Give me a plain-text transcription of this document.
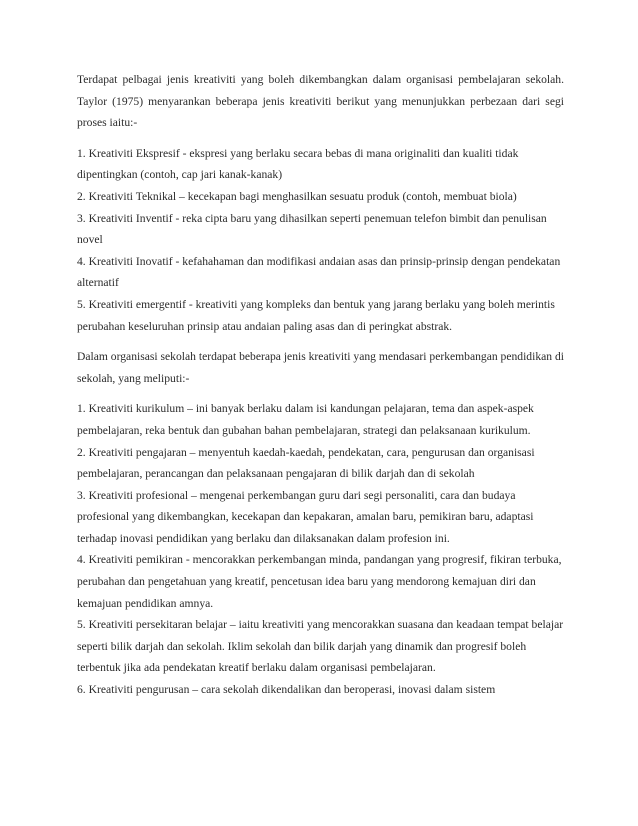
Terdapat pelbagai jenis kreativiti yang boleh dikembangkan dalam organisasi pembelajaran sekolah. Taylor (1975) menyarankan beberapa jenis kreativiti berikut yang menunjukkan perbezaan dari segi proses iaitu:-

1. Kreativiti Ekspresif - ekspresi yang berlaku secara bebas di mana originaliti dan kualiti tidak dipentingkan (contoh, cap jari kanak-kanak)
2. Kreativiti Teknikal – kecekapan bagi menghasilkan sesuatu produk (contoh, membuat biola)
3. Kreativiti Inventif - reka cipta baru yang dihasilkan seperti penemuan telefon bimbit dan penulisan novel
4. Kreativiti Inovatif - kefahahaman dan modifikasi andaian asas dan prinsip-prinsip dengan pendekatan alternatif
5. Kreativiti emergentif - kreativiti yang kompleks dan bentuk yang jarang berlaku yang boleh merintis perubahan keseluruhan prinsip atau andaian paling asas dan di peringkat abstrak.

Dalam organisasi sekolah terdapat beberapa jenis kreativiti yang mendasari perkembangan pendidikan di sekolah, yang meliputi:-

1. Kreativiti kurikulum – ini banyak berlaku dalam isi kandungan pelajaran, tema dan aspek-aspek pembelajaran, reka bentuk dan gubahan bahan pembelajaran, strategi dan pelaksanaan kurikulum.
2. Kreativiti pengajaran – menyentuh kaedah-kaedah, pendekatan, cara, pengurusan dan organisasi pembelajaran, perancangan dan pelaksanaan pengajaran di bilik darjah dan di sekolah
3. Kreativiti profesional – mengenai perkembangan guru dari segi personaliti, cara dan budaya profesional yang dikembangkan, kecekapan dan kepakaran, amalan baru, pemikiran baru, adaptasi terhadap inovasi pendidikan yang berlaku dan dilaksanakan dalam profesion ini.
4. Kreativiti pemikiran - mencorakkan perkembangan minda, pandangan yang progresif, fikiran terbuka, perubahan dan pengetahuan yang kreatif, pencetusan idea baru yang mendorong kemajuan diri dan kemajuan pendidikan amnya.
5. Kreativiti persekitaran belajar – iaitu kreativiti yang mencorakkan suasana dan keadaan tempat belajar seperti bilik darjah dan sekolah. Iklim sekolah dan bilik darjah yang dinamik dan progresif boleh terbentuk jika ada pendekatan kreatif berlaku dalam organisasi pembelajaran.
6. Kreativiti pengurusan – cara sekolah dikendalikan dan beroperasi, inovasi dalam sistem
